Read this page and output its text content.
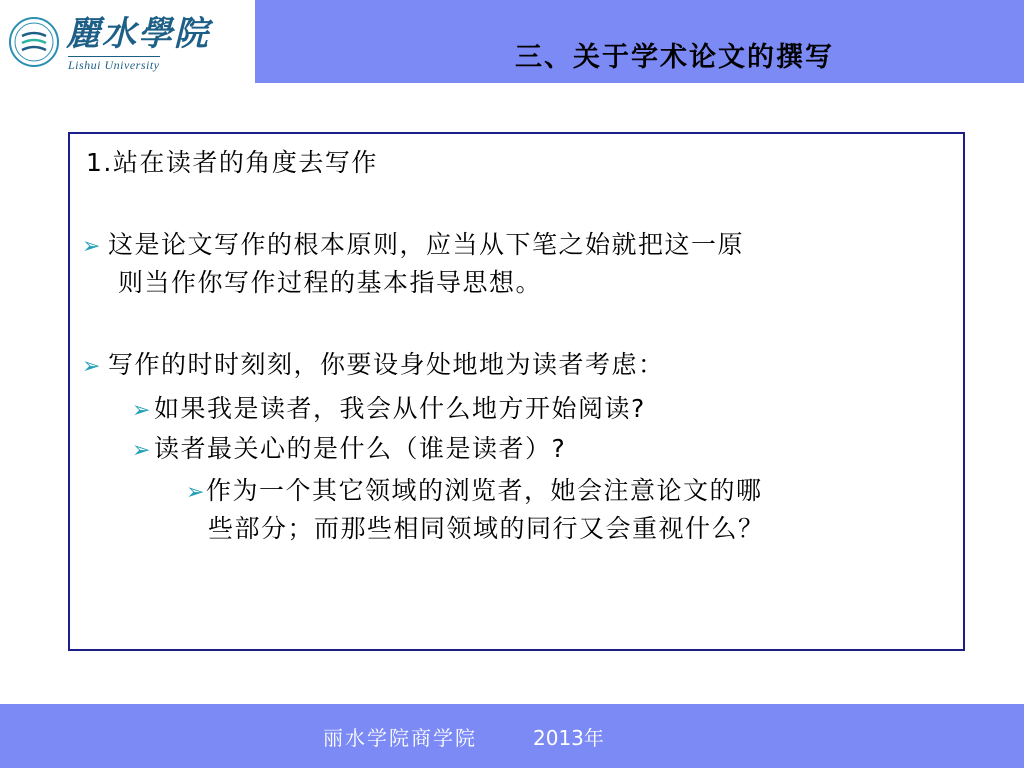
麗水學院
Lishui University	三、关于学术论文的撰写
1.站在读者的角度去写作
➢ 这是论文写作的根本原则，应当从下笔之始就把这一原
则当作你写作过程的基本指导思想。
➢ 写作的时时刻刻，你要设身处地地为读者考虑：
➢如果我是读者，我会从什么地方开始阅读?
➢读者最关心的是什么（谁是读者）?
➢作为一个其它领域的浏览者，她会注意论文的哪
些部分；而那些相同领域的同行又会重视什么？
丽水学院商学院	2013年
